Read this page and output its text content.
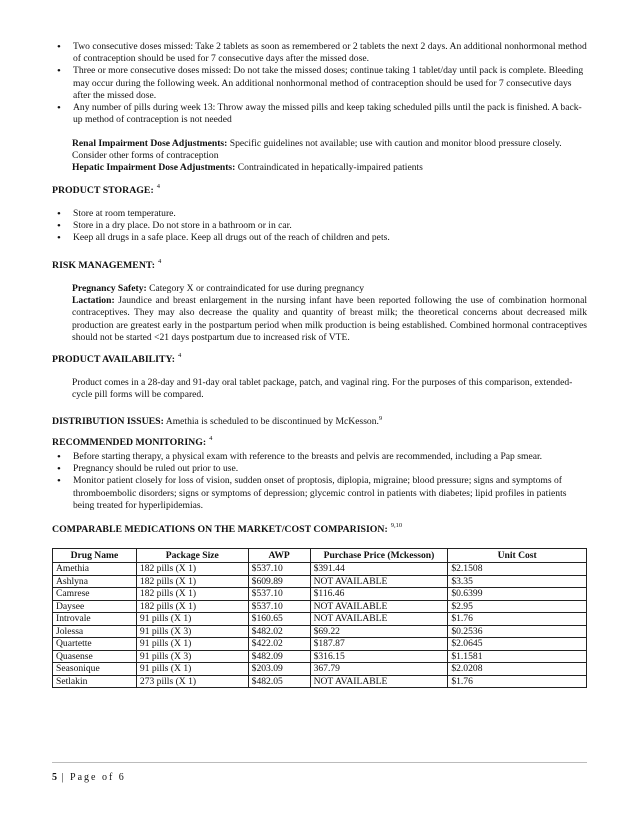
• Two consecutive doses missed: Take 2 tablets as soon as remembered or 2 tablets the next 2 days. An additional nonhormonal method of contraception should be used for 7 consecutive days after the missed dose.
• Three or more consecutive doses missed: Do not take the missed doses; continue taking 1 tablet/day until pack is complete. Bleeding may occur during the following week. An additional nonhormonal method of contraception should be used for 7 consecutive days after the missed dose.
• Any number of pills during week 13: Throw away the missed pills and keep taking scheduled pills until the pack is finished. A back-up method of contraception is not needed
Renal Impairment Dose Adjustments: Specific guidelines not available; use with caution and monitor blood pressure closely. Consider other forms of contraception
Hepatic Impairment Dose Adjustments: Contraindicated in hepatically-impaired patients
PRODUCT STORAGE: $^4$
• Store at room temperature.
• Store in a dry place. Do not store in a bathroom or in car.
• Keep all drugs in a safe place. Keep all drugs out of the reach of children and pets.
RISK MANAGEMENT: $^4$
Pregnancy Safety: Category X or contraindicated for use during pregnancy
Lactation: Jaundice and breast enlargement in the nursing infant have been reported following the use of combination hormonal contraceptives. They may also decrease the quality and quantity of breast milk; the theoretical concerns about decreased milk production are greatest early in the postpartum period when milk production is being established. Combined hormonal contraceptives should not be started <21 days postpartum due to increased risk of VTE.
PRODUCT AVAILABILITY: $^4$
Product comes in a 28-day and 91-day oral tablet package, patch, and vaginal ring. For the purposes of this comparison, extended-cycle pill forms will be compared.
DISTRIBUTION ISSUES: Amethia is scheduled to be discontinued by McKesson.$^9$
RECOMMENDED MONITORING: $^4$
• Before starting therapy, a physical exam with reference to the breasts and pelvis are recommended, including a Pap smear.
• Pregnancy should be ruled out prior to use.
• Monitor patient closely for loss of vision, sudden onset of proptosis, diplopia, migraine; blood pressure; signs and symptoms of thromboembolic disorders; signs or symptoms of depression; glycemic control in patients with diabetes; lipid profiles in patients being treated for hyperlipidemias.
COMPARABLE MEDICATIONS ON THE MARKET/COST COMPARISION: $^{9,10}$
Drug Name	Package Size	AWP	Purchase Price (Mckesson)	Unit Cost
Amethia	182 pills (X 1)	$537.10	$391.44	$2.1508
Ashlyna	182 pills (X 1)	$609.89	NOT AVAILABLE	$3.35
Camrese	182 pills (X 1)	$537.10	$116.46	$0.6399
Daysee	182 pills (X 1)	$537.10	NOT AVAILABLE	$2.95
Introvale	91 pills (X 1)	$160.65	NOT AVAILABLE	$1.76
Jolessa	91 pills (X 3)	$482.02	$69.22	$0.2536
Quartette	91 pills (X 1)	$422.02	$187.87	$2.0645
Quasense	91 pills (X 3)	$482.09	$316.15	$1.1581
Seasonique	91 pills (X 1)	$203.09	367.79	$2.0208
Setlakin	273 pills (X 1)	$482.05	NOT AVAILABLE	$1.76
5 | Page of 6
